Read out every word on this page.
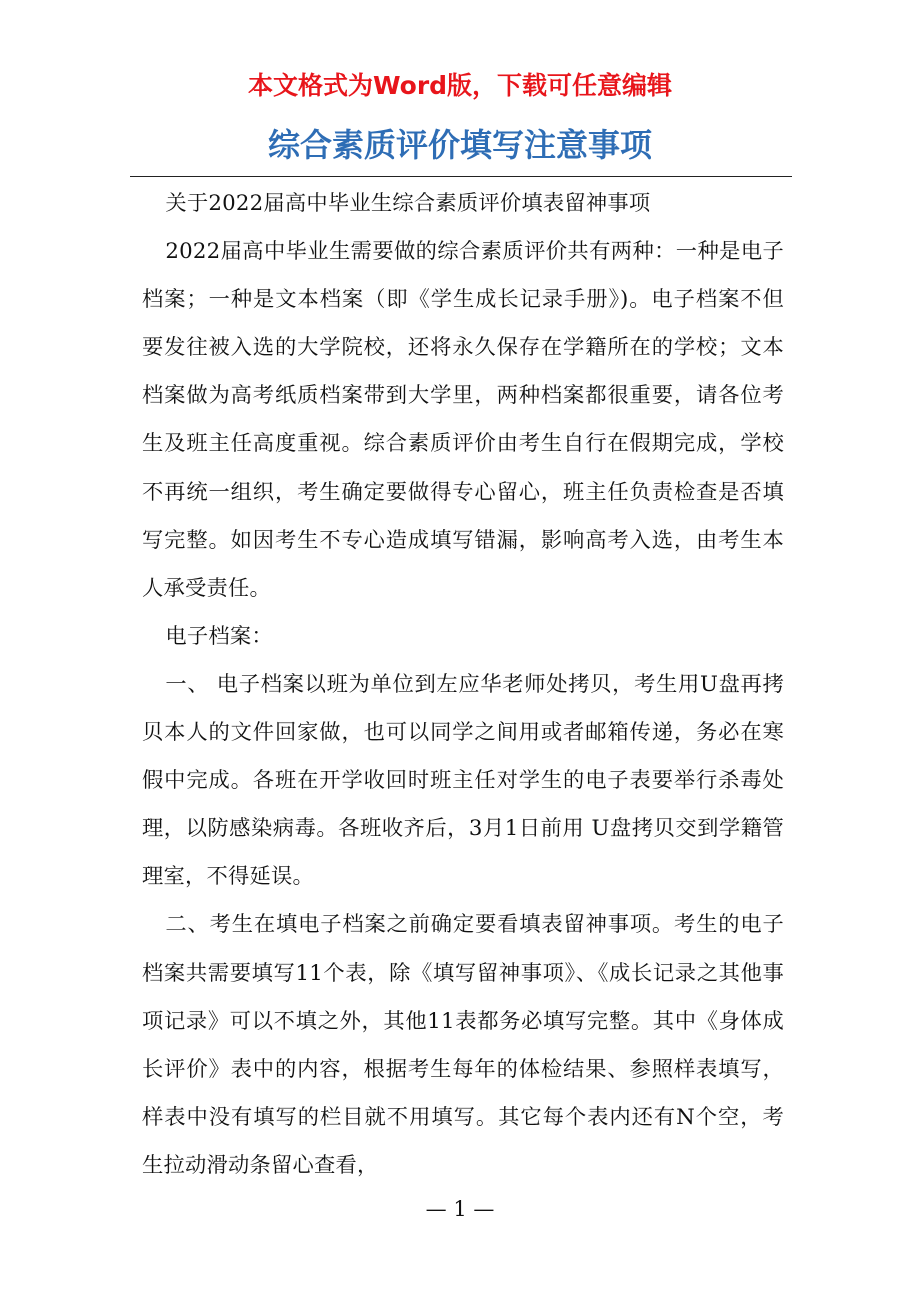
本文格式为Word版，下载可任意编辑
综合素质评价填写注意事项

关于2022届高中毕业生综合素质评价填表留神事项

2022届高中毕业生需要做的综合素质评价共有两种：一种是电子档案；一种是文本档案（即《学生成长记录手册》)。电子档案不但要发往被入选的大学院校，还将永久保存在学籍所在的学校；文本档案做为高考纸质档案带到大学里，两种档案都很重要，请各位考生及班主任高度重视。综合素质评价由考生自行在假期完成，学校不再统一组织，考生确定要做得专心留心，班主任负责检查是否填写完整。如因考生不专心造成填写错漏，影响高考入选，由考生本人承受责任。

电子档案：

一、 电子档案以班为单位到左应华老师处拷贝，考生用U盘再拷贝本人的文件回家做，也可以同学之间用或者邮箱传递，务必在寒假中完成。各班在开学收回时班主任对学生的电子表要举行杀毒处理，以防感染病毒。各班收齐后，3月1日前用 U盘拷贝交到学籍管理室，不得延误。

二、考生在填电子档案之前确定要看填表留神事项。考生的电子档案共需要填写11个表，除《填写留神事项》、《成长记录之其他事项记录》可以不填之外，其他11表都务必填写完整。其中《身体成长评价》表中的内容，根据考生每年的体检结果、参照样表填写，样表中没有填写的栏目就不用填写。其它每个表内还有N个空，考生拉动滑动条留心查看，

— 1 —
